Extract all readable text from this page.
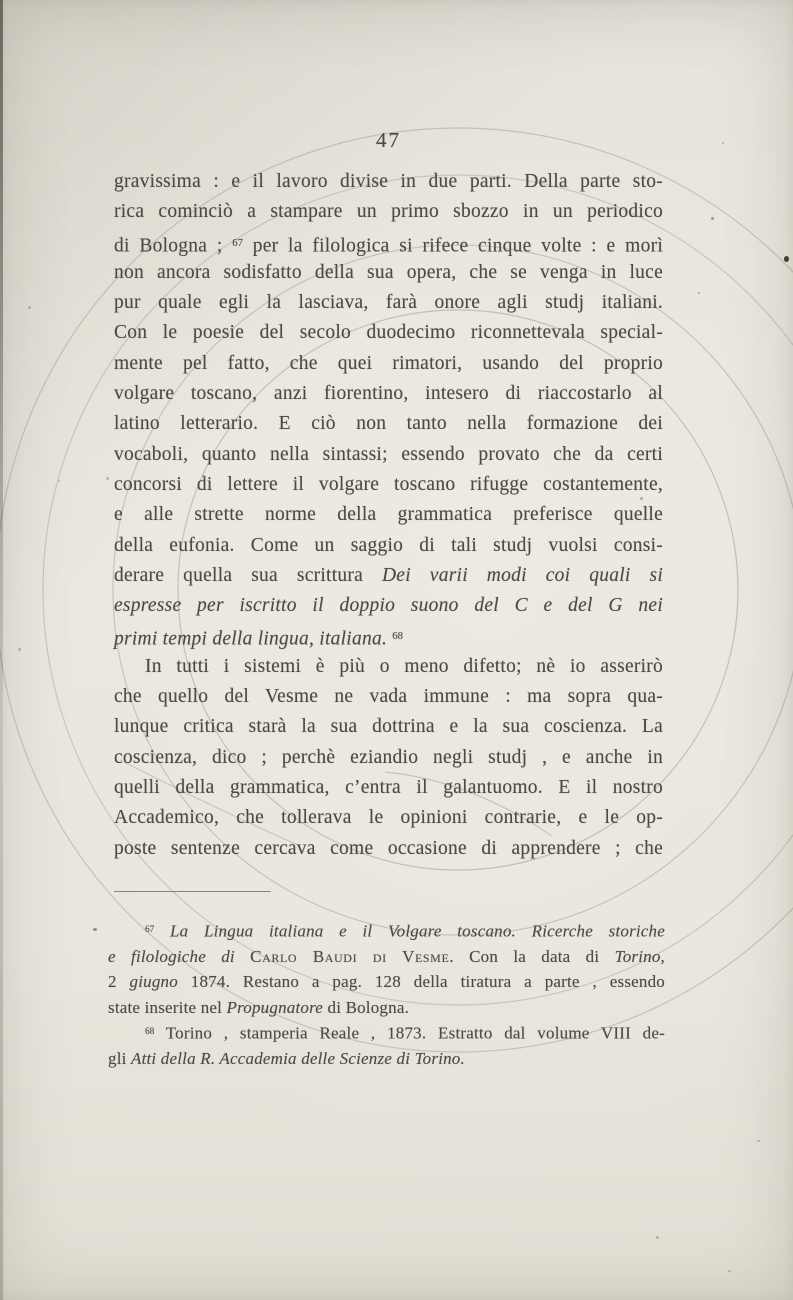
47
gravissima : e il lavoro divise in due parti. Della parte sto-
rica cominciò a stampare un primo sbozzo in un periodico
di Bologna ; $^{67}$ per la filologica si rifece cinque volte : e morì
non ancora sodisfatto della sua opera, che se venga in luce
pur quale egli la lasciava, farà onore agli studj italiani.
Con le poesie del secolo duodecimo riconnettevala special-
mente pel fatto, che quei rimatori, usando del proprio
volgare toscano, anzi fiorentino, intesero di riaccostarlo al
latino letterario. E ciò non tanto nella formazione dei
vocaboli, quanto nella sintassi; essendo provato che da certi
concorsi di lettere il volgare toscano rifugge costantemente,
e alle strette norme della grammatica preferisce quelle
della eufonia. Come un saggio di tali studj vuolsi consi-
derare quella sua scrittura Dei varii modi coi quali si
espresse per iscritto il doppio suono del C e del G nei
primi tempi della lingua, italiana. $^{68}$
In tutti i sistemi è più o meno difetto; nè io asserirò
che quello del Vesme ne vada immune : ma sopra qua-
lunque critica starà la sua dottrina e la sua coscienza. La
coscienza, dico ; perchè eziandio negli studj , e anche in
quelli della grammatica, c’entra il galantuomo. E il nostro
Accademico, che tollerava le opinioni contrarie, e le op-
poste sentenze cercava come occasione di apprendere ; che
$^{67}$ La Lingua italiana e il Volgare toscano. Ricerche storiche
e filologiche di Carlo Baudi di Vesme. Con la data di Torino,
2 giugno 1874. Restano a pag. 128 della tiratura a parte , essendo
state inserite nel Propugnatore di Bologna.
$^{68}$ Torino , stamperia Reale , 1873. Estratto dal volume VIII de-
gli Atti della R. Accademia delle Scienze di Torino.
